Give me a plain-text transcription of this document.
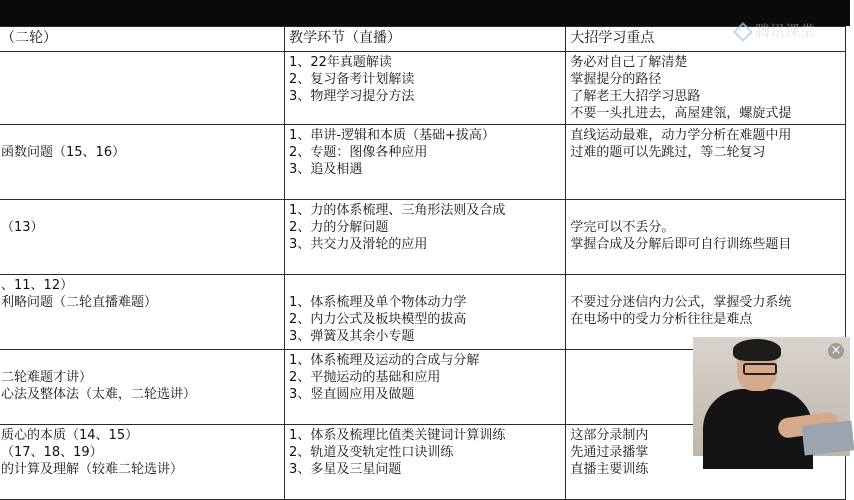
（二轮）	教学环节（直播）	大招学习重点

	1、22年真题解读
2、复习备考计划解读
3、物理学习提分方法	务必对自己了解清楚
掌握提分的路径
了解老王大招学习思路
不要一头扎进去，高屋建瓴，螺旋式提

函数问题（15、16）	1、串讲-逻辑和本质（基础+拔高）
2、专题：图像各种应用
3、追及相遇	直线运动最难，动力学分析在难题中用
过难的题可以先跳过，等二轮复习

（13）	1、力的体系梳理、三角形法则及合成
2、力的分解问题
3、共交力及滑轮的应用	学完可以不丢分。
掌握合成及分解后即可自行训练些题目

、11、12）
利略问题（二轮直播难题）	1、体系梳理及单个物体动力学
2、内力公式及板块模型的拔高
3、弹簧及其余小专题	不要过分迷信内力公式，掌握受力系统
在电场中的受力分析往往是难点

二轮难题才讲）
心法及整体法（太难，二轮选讲）	1、体系梳理及运动的合成与分解
2、平抛运动的基础和应用
3、竖直圆应用及做题	

质心的本质（14、15）
（17、18、19）
的计算及理解（较难二轮选讲）	1、体系及梳理比值类关键词计算训练
2、轨道及变轨定性口诀训练
3、多星及三星问题	这部分录制内
先通过录播掌
直播主要训练
腾讯课堂
×
